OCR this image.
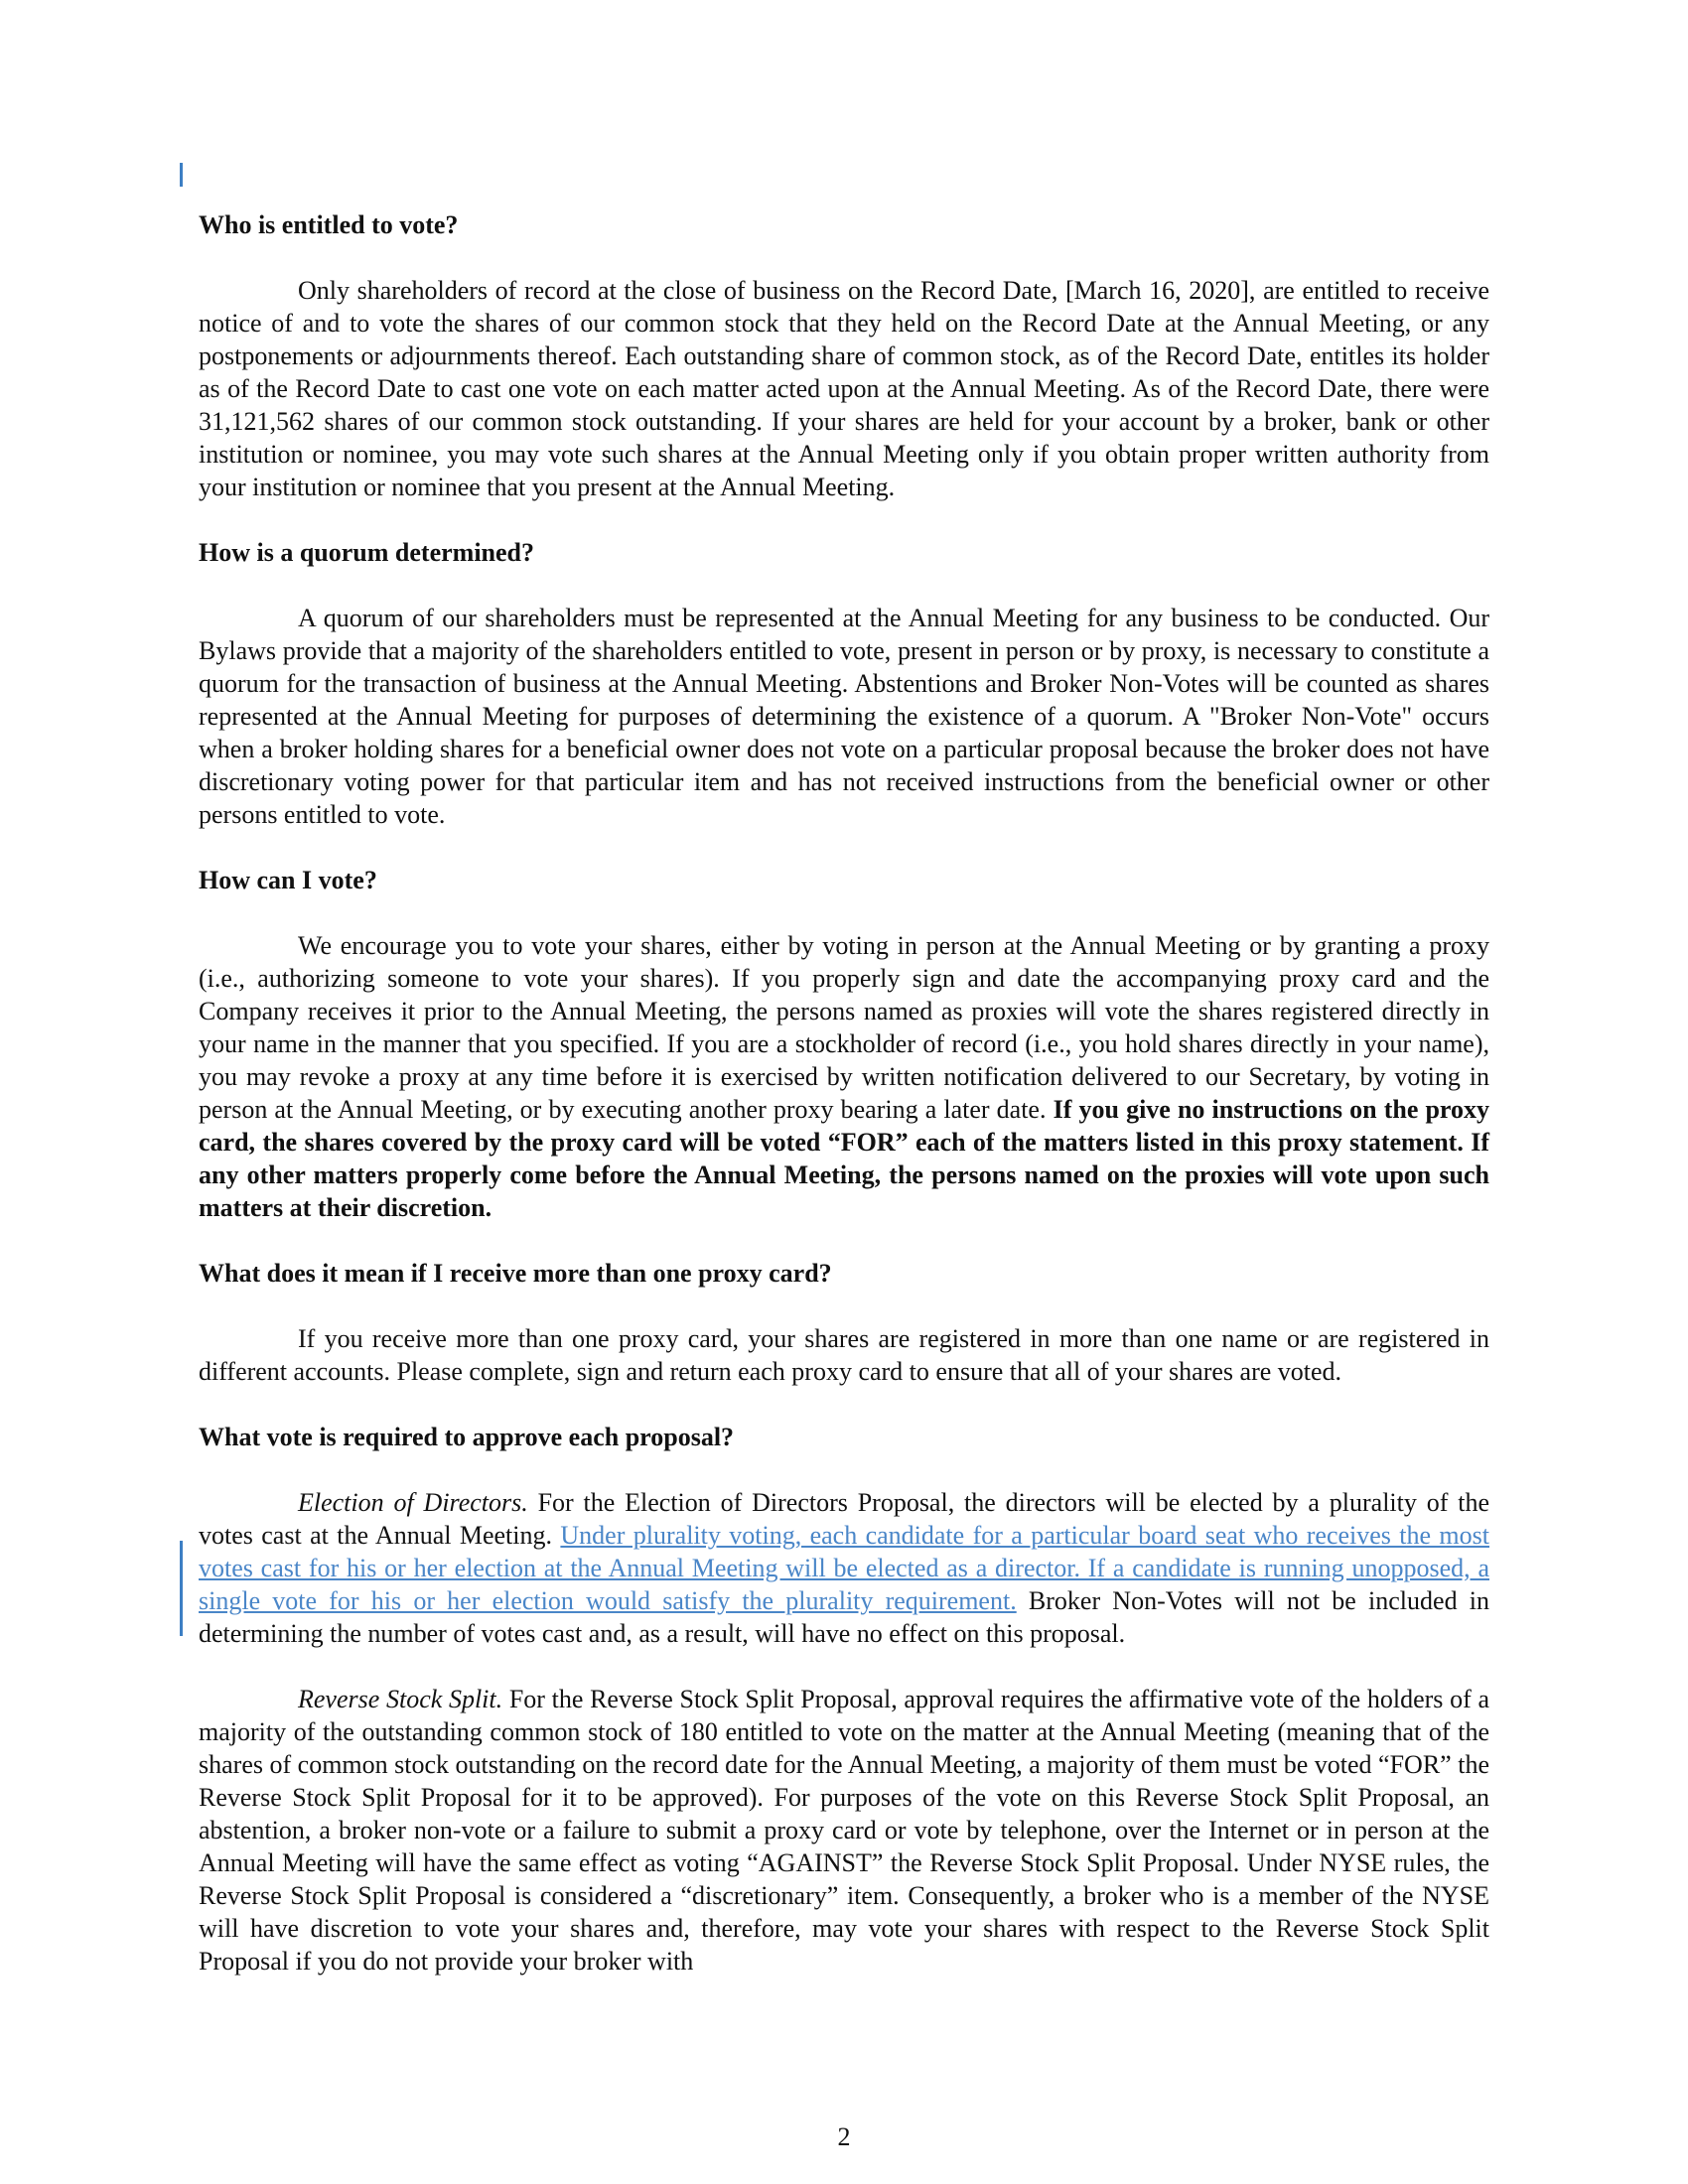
Who is entitled to vote?

Only shareholders of record at the close of business on the Record Date, [March 16, 2020], are entitled to receive notice of and to vote the shares of our common stock that they held on the Record Date at the Annual Meeting, or any postponements or adjournments thereof. Each outstanding share of common stock, as of the Record Date, entitles its holder as of the Record Date to cast one vote on each matter acted upon at the Annual Meeting. As of the Record Date, there were 31,121,562 shares of our common stock outstanding. If your shares are held for your account by a broker, bank or other institution or nominee, you may vote such shares at the Annual Meeting only if you obtain proper written authority from your institution or nominee that you present at the Annual Meeting.

How is a quorum determined?

A quorum of our shareholders must be represented at the Annual Meeting for any business to be conducted. Our Bylaws provide that a majority of the shareholders entitled to vote, present in person or by proxy, is necessary to constitute a quorum for the transaction of business at the Annual Meeting. Abstentions and Broker Non-Votes will be counted as shares represented at the Annual Meeting for purposes of determining the existence of a quorum. A "Broker Non-Vote" occurs when a broker holding shares for a beneficial owner does not vote on a particular proposal because the broker does not have discretionary voting power for that particular item and has not received instructions from the beneficial owner or other persons entitled to vote.

How can I vote?

We encourage you to vote your shares, either by voting in person at the Annual Meeting or by granting a proxy (i.e., authorizing someone to vote your shares). If you properly sign and date the accompanying proxy card and the Company receives it prior to the Annual Meeting, the persons named as proxies will vote the shares registered directly in your name in the manner that you specified. If you are a stockholder of record (i.e., you hold shares directly in your name), you may revoke a proxy at any time before it is exercised by written notification delivered to our Secretary, by voting in person at the Annual Meeting, or by executing another proxy bearing a later date. If you give no instructions on the proxy card, the shares covered by the proxy card will be voted “FOR” each of the matters listed in this proxy statement. If any other matters properly come before the Annual Meeting, the persons named on the proxies will vote upon such matters at their discretion.

What does it mean if I receive more than one proxy card?

If you receive more than one proxy card, your shares are registered in more than one name or are registered in different accounts. Please complete, sign and return each proxy card to ensure that all of your shares are voted.

What vote is required to approve each proposal?

Election of Directors. For the Election of Directors Proposal, the directors will be elected by a plurality of the votes cast at the Annual Meeting. Under plurality voting, each candidate for a particular board seat who receives the most votes cast for his or her election at the Annual Meeting will be elected as a director. If a candidate is running unopposed, a single vote for his or her election would satisfy the plurality requirement. Broker Non-Votes will not be included in determining the number of votes cast and, as a result, will have no effect on this proposal.

Reverse Stock Split. For the Reverse Stock Split Proposal, approval requires the affirmative vote of the holders of a majority of the outstanding common stock of 180 entitled to vote on the matter at the Annual Meeting (meaning that of the shares of common stock outstanding on the record date for the Annual Meeting, a majority of them must be voted “FOR” the Reverse Stock Split Proposal for it to be approved). For purposes of the vote on this Reverse Stock Split Proposal, an abstention, a broker non-vote or a failure to submit a proxy card or vote by telephone, over the Internet or in person at the Annual Meeting will have the same effect as voting “AGAINST” the Reverse Stock Split Proposal. Under NYSE rules, the Reverse Stock Split Proposal is considered a “discretionary” item. Consequently, a broker who is a member of the NYSE will have discretion to vote your shares and, therefore, may vote your shares with respect to the Reverse Stock Split Proposal if you do not provide your broker with

2
